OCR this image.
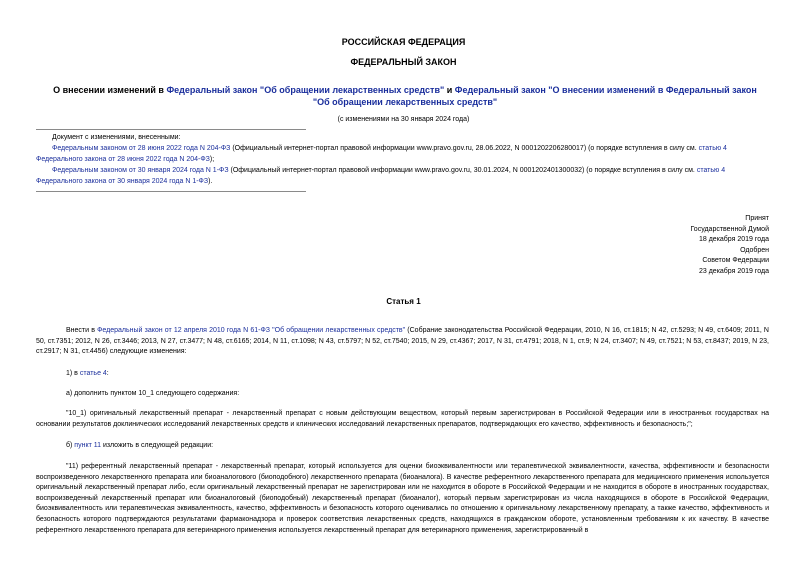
РОССИЙСКАЯ ФЕДЕРАЦИЯ
ФЕДЕРАЛЬНЫЙ ЗАКОН
О внесении изменений в Федеральный закон "Об обращении лекарственных средств" и Федеральный закон "О внесении изменений в Федеральный закон "Об обращении лекарственных средств"
(с изменениями на 30 января 2024 года)
Документ с изменениями, внесенными:
Федеральным законом от 28 июня 2022 года N 204-ФЗ (Официальный интернет-портал правовой информации www.pravo.gov.ru, 28.06.2022, N 0001202206280017) (о порядке вступления в силу см. статью 4 Федерального закона от 28 июня 2022 года N 204-ФЗ);
Федеральным законом от 30 января 2024 года N 1-ФЗ (Официальный интернет-портал правовой информации www.pravo.gov.ru, 30.01.2024, N 0001202401300032) (о порядке вступления в силу см. статью 4 Федерального закона от 30 января 2024 года N 1-ФЗ).
Принят
Государственной Думой
18 декабря 2019 года
Одобрен
Советом Федерации
23 декабря 2019 года
Статья 1
Внести в Федеральный закон от 12 апреля 2010 года N 61-ФЗ "Об обращении лекарственных средств" (Собрание законодательства Российской Федерации, 2010, N 16, ст.1815; N 42, ст.5293; N 49, ст.6409; 2011, N 50, ст.7351; 2012, N 26, ст.3446; 2013, N 27, ст.3477; N 48, ст.6165; 2014, N 11, ст.1098; N 43, ст.5797; N 52, ст.7540; 2015, N 29, ст.4367; 2017, N 31, ст.4791; 2018, N 1, ст.9; N 24, ст.3407; N 49, ст.7521; N 53, ст.8437; 2019, N 23, ст.2917; N 31, ст.4456) следующие изменения:
1) в статье 4:
а) дополнить пунктом 10_1 следующего содержания:
"10_1) оригинальный лекарственный препарат - лекарственный препарат с новым действующим веществом, который первым зарегистрирован в Российской Федерации или в иностранных государствах на основании результатов доклинических исследований лекарственных средств и клинических исследований лекарственных препаратов, подтверждающих его качество, эффективность и безопасность;";
б) пункт 11 изложить в следующей редакции:
"11) референтный лекарственный препарат - лекарственный препарат, который используется для оценки биоэквивалентности или терапевтической эквивалентности, качества, эффективности и безопасности воспроизведенного лекарственного препарата или биоаналогового (биоподобного) лекарственного препарата (биоаналога). В качестве референтного лекарственного препарата для медицинского применения используется оригинальный лекарственный препарат либо, если оригинальный лекарственный препарат не зарегистрирован или не находится в обороте в Российской Федерации и не находится в обороте в иностранных государствах, воспроизведенный лекарственный препарат или биоаналоговый (биоподобный) лекарственный препарат (биоаналог), который первым зарегистрирован из числа находящихся в обороте в Российской Федерации, биоэквивалентность или терапевтическая эквивалентность, качество, эффективность и безопасность которого оценивались по отношению к оригинальному лекарственному препарату, а также качество, эффективность и безопасность которого подтверждаются результатами фармаконадзора и проверок соответствия лекарственных средств, находящихся в гражданском обороте, установленным требованиям к их качеству. В качестве референтного лекарственного препарата для ветеринарного применения используется лекарственный препарат для ветеринарного применения, зарегистрированный в
